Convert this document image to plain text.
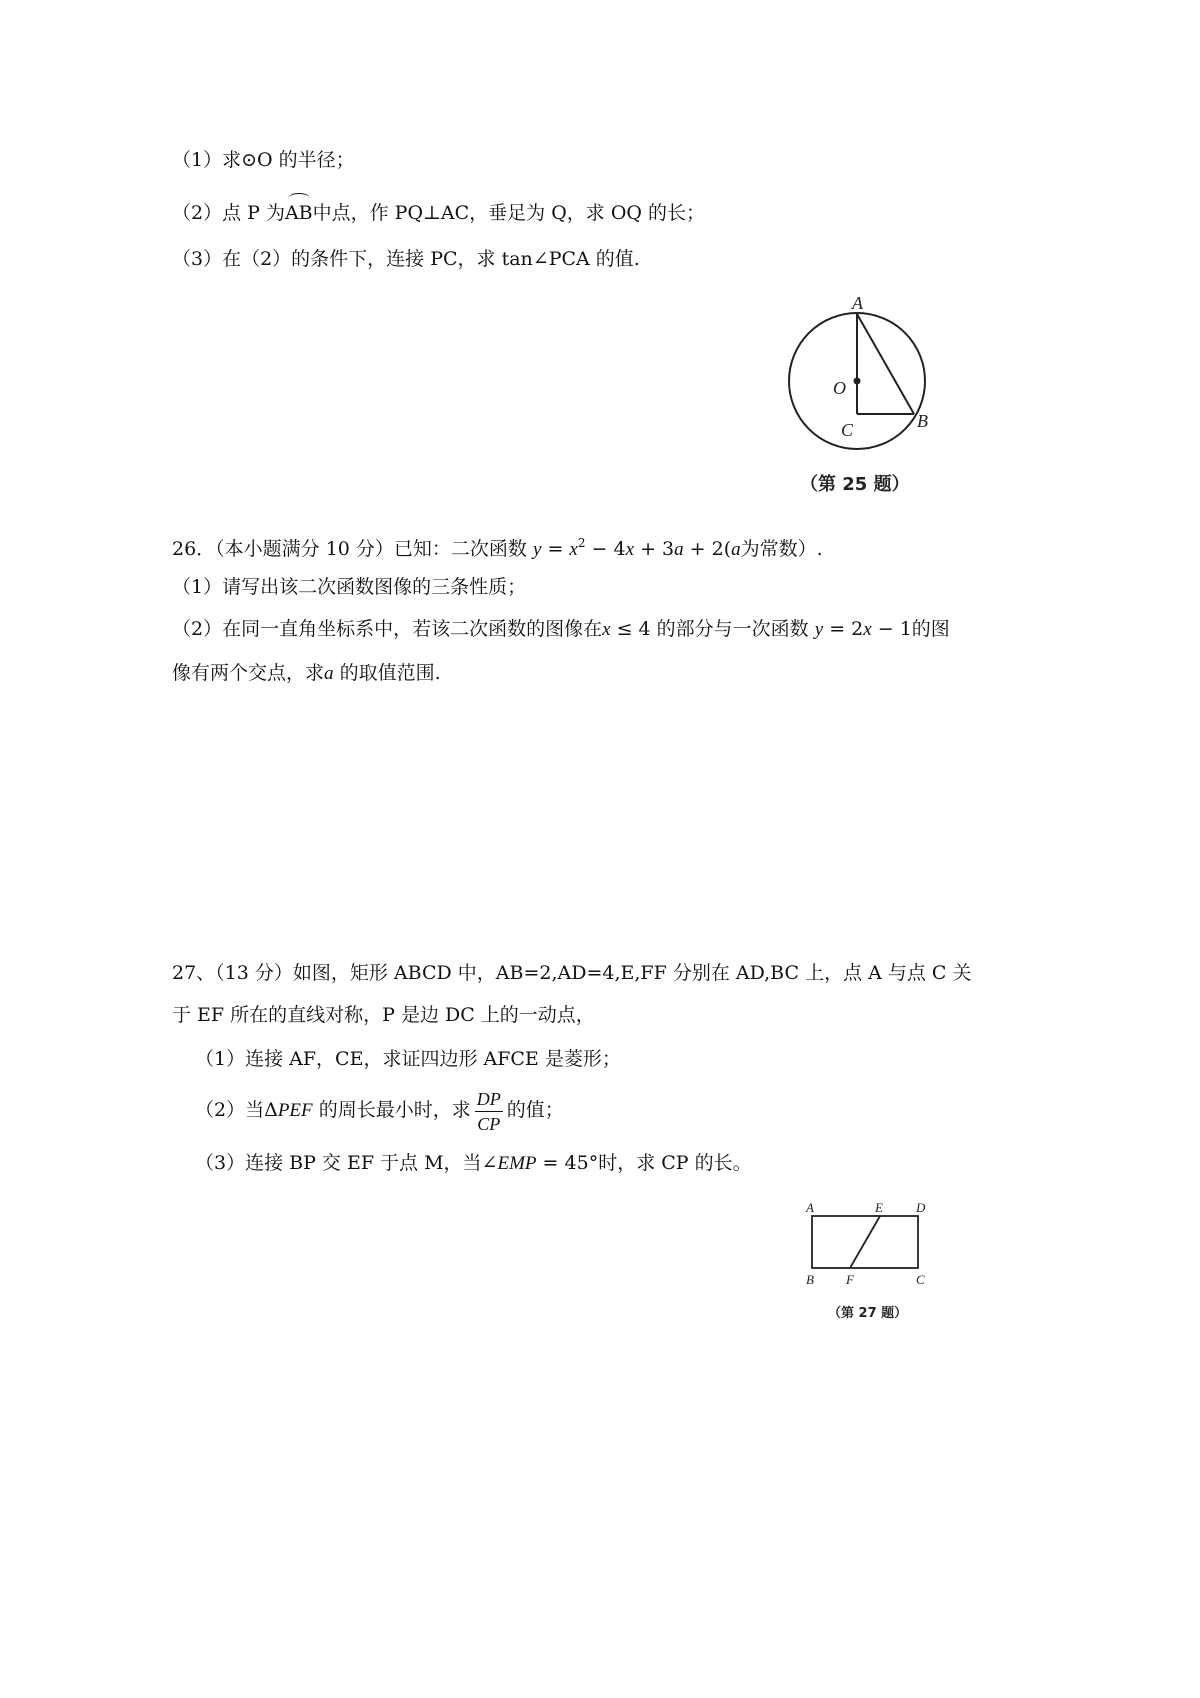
（1）求⊙O 的半径；
（2）点 P 为AB中点，作 PQ⊥AC，垂足为 Q，求 OQ 的长；
（3）在（2）的条件下，连接 PC，求 tan∠PCA 的值.
A
O
C	B
（第 25 题）
26．（本小题满分 10 分）已知：二次函数 $y = x^2 - 4x + 3a + 2(a$为常数）.
（1）请写出该二次函数图像的三条性质；
（2）在同一直角坐标系中，若该二次函数的图像在x ≤ 4 的部分与一次函数 y = 2x − 1的图
像有两个交点，求a 的取值范围.
27、（13 分）如图，矩形 ABCD 中，AB=2,AD=4,E,FF 分别在 AD,BC 上，点 A 与点 C 关
于 EF 所在的直线对称，P 是边 DC 上的一动点，
（1）连接 AF，CE，求证四边形 AFCE 是菱形；
（2）当ΔPEF 的周长最小时，求 $\frac{DP}{CP}$ 的值；
（3）连接 BP 交 EF 于点 M，当∠EMP = 45°时，求 CP 的长。
A	E	D
B F	C
（第 27 题）
